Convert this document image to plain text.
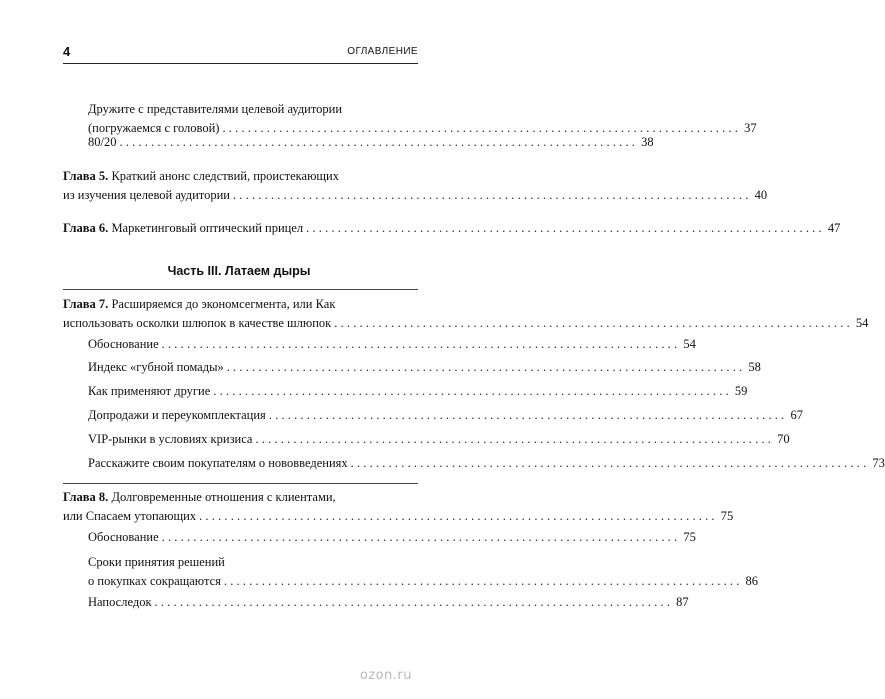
4	ОГЛАВЛЕНИЕ
Дружите с представителями целевой аудитории
(погружаемся с головой) .................................................................................. 37
80/20 .................................................................................. 38
Глава 5. Краткий анонс следствий, проистекающих
из изучения целевой аудитории .................................................................................. 40
Глава 6. Маркетинговый оптический прицел .................................................................................. 47
Часть III. Латаем дыры
Глава 7. Расширяемся до экономсегмента, или Как
использовать осколки шлюпок в качестве шлюпок .................................................................................. 54
Обоснование .................................................................................. 54
Индекс «губной помады» .................................................................................. 58
Как применяют другие .................................................................................. 59
Допродажи и переукомплектация .................................................................................. 67
VIP-рынки в условиях кризиса .................................................................................. 70
Расскажите своим покупателям о нововведениях .................................................................................. 73
Глава 8. Долговременные отношения с клиентами,
или Спасаем утопающих .................................................................................. 75
Обоснование .................................................................................. 75
Сроки принятия решений
о покупках сокращаются .................................................................................. 86
Напоследок .................................................................................. 87
ozon.ru
